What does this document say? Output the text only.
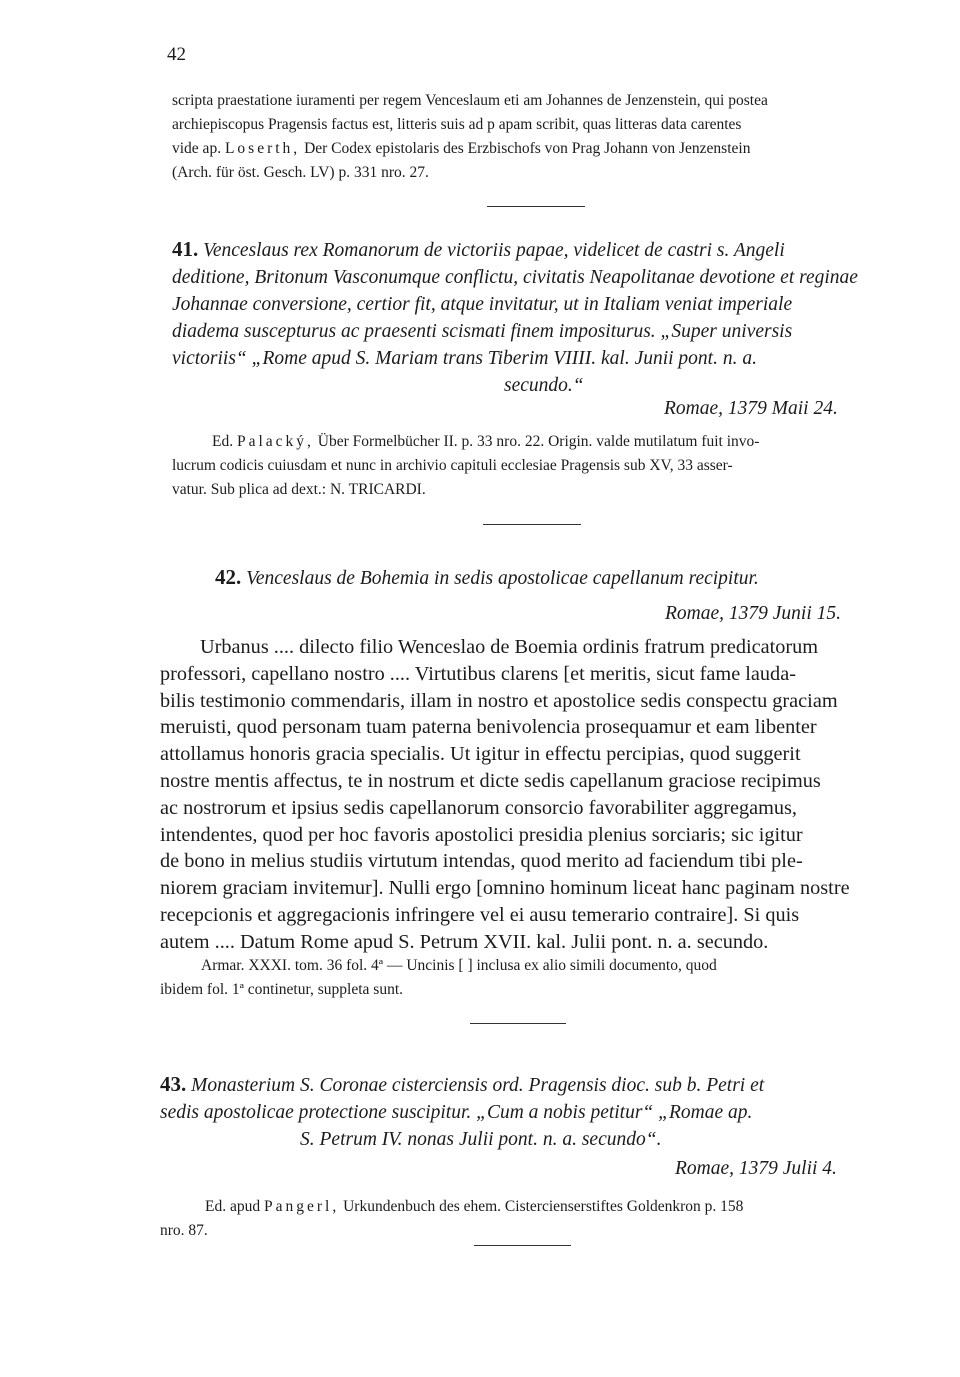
42
scripta praestatione iuramenti per regem Venceslaum eti am Johannes de Jenzenstein, qui postea
archiepiscopus Pragensis factus est, litteris suis ad p apam scribit, quas litteras data carentes
vide ap. Loserth, Der Codex epistolaris des Erzbischofs von Prag Johann von Jenzenstein
(Arch. für öst. Gesch. LV) p. 331 nro. 27.
41. Venceslaus rex Romanorum de victoriis papae, videlicet de castri s. Angeli
deditione, Britonum Vasconumque conflictu, civitatis Neapolitanae devotione et reginae
Johannae conversione, certior fit, atque invitatur, ut in Italiam veniat imperiale
diadema suscepturus ac praesenti scismati finem impositurus. „Super universis
victoriis“ „Rome apud S. Mariam trans Tiberim VIIII. kal. Junii pont. n. a.
secundo.“
Romae, 1379 Maii 24.
Ed. Palacký, Über Formelbücher II. p. 33 nro. 22. Origin. valde mutilatum fuit invo-
lucrum codicis cuiusdam et nunc in archivio capituli ecclesiae Pragensis sub XV, 33 asser-
vatur. Sub plica ad dext.: N. TRICARDI.
42. Venceslaus de Bohemia in sedis apostolicae capellanum recipitur.
Romae, 1379 Junii 15.
Urbanus .... dilecto filio Wenceslao de Boemia ordinis fratrum predicatorum
professori, capellano nostro .... Virtutibus clarens [et meritis, sicut fame lauda-
bilis testimonio commendaris, illam in nostro et apostolice sedis conspectu graciam
meruisti, quod personam tuam paterna benivolencia prosequamur et eam libenter
attollamus honoris gracia specialis. Ut igitur in effectu percipias, quod suggerit
nostre mentis affectus, te in nostrum et dicte sedis capellanum graciose recipimus
ac nostrorum et ipsius sedis capellanorum consorcio favorabiliter aggregamus,
intendentes, quod per hoc favoris apostolici presidia plenius sorciaris; sic igitur
de bono in melius studiis virtutum intendas, quod merito ad faciendum tibi ple-
niorem graciam invitemur]. Nulli ergo [omnino hominum liceat hanc paginam nostre
recepcionis et aggregacionis infringere vel ei ausu temerario contraire]. Si quis
autem .... Datum Rome apud S. Petrum XVII. kal. Julii pont. n. a. secundo.
Armar. XXXI. tom. 36 fol. 4ª — Uncinis [ ] inclusa ex alio simili documento, quod
ibidem fol. 1ª continetur, suppleta sunt.
43. Monasterium S. Coronae cisterciensis ord. Pragensis dioc. sub b. Petri et
sedis apostolicae protectione suscipitur. „Cum a nobis petitur“ „Romae ap.
S. Petrum IV. nonas Julii pont. n. a. secundo“.
Romae, 1379 Julii 4.
Ed. apud Pangerl, Urkundenbuch des ehem. Cistercienserstiftes Goldenkron p. 158
nro. 87.
